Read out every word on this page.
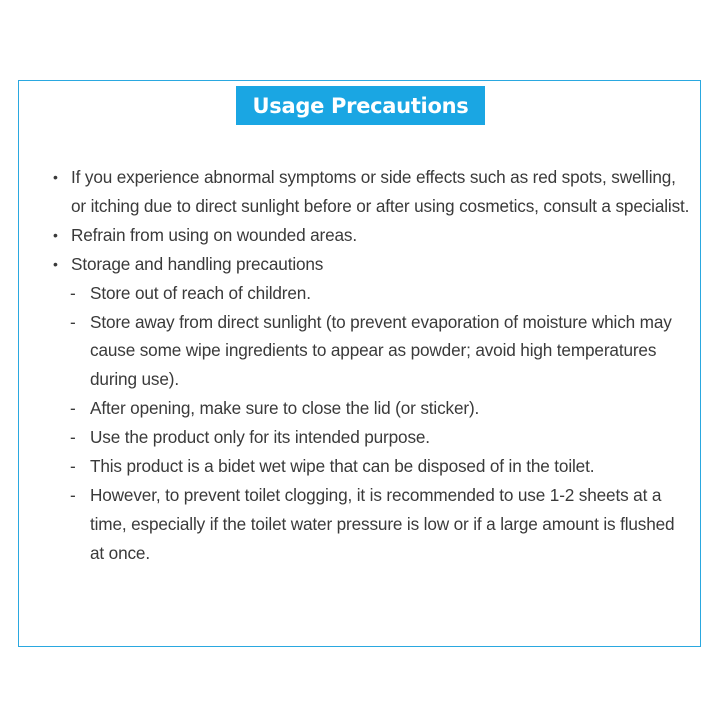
Usage Precautions
• If you experience abnormal symptoms or side effects such as red spots, swelling, or itching due to direct sunlight before or after using cosmetics, consult a specialist.
• Refrain from using on wounded areas.
• Storage and handling precautions
- Store out of reach of children.
- Store away from direct sunlight (to prevent evaporation of moisture which may cause some wipe ingredients to appear as powder; avoid high temperatures during use).
- After opening, make sure to close the lid (or sticker).
- Use the product only for its intended purpose.
- This product is a bidet wet wipe that can be disposed of in the toilet.
- However, to prevent toilet clogging, it is recommended to use 1-2 sheets at a time, especially if the toilet water pressure is low or if a large amount is flushed at once.
